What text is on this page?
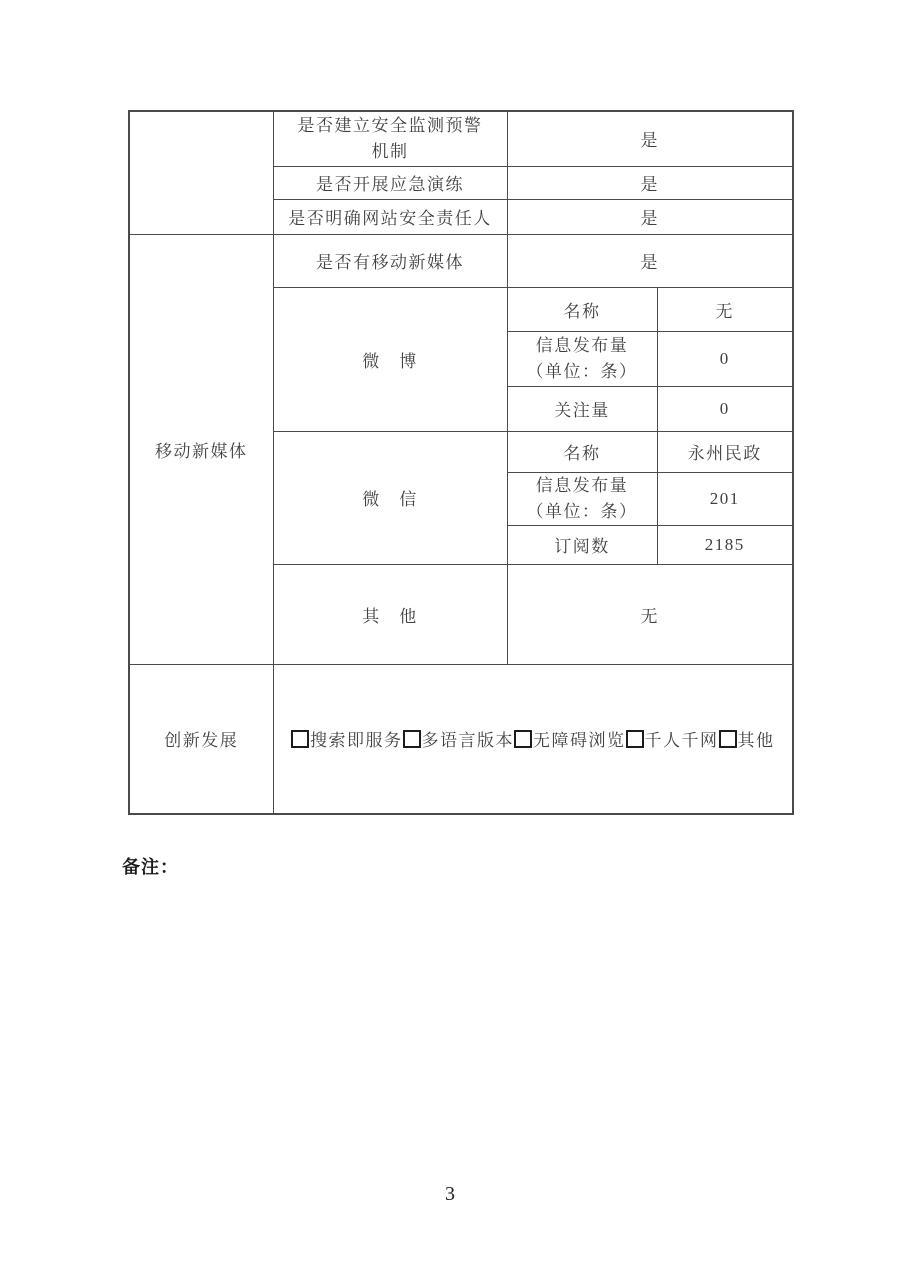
	是否建立安全监测预警
机制	是	
	是否开展应急演练	是	
	是否明确网站安全责任人	是	
移动新媒体	是否有移动新媒体	是	
	微　博	名称	无

		信息发布量
（单位：条）	0
		关注量	0
	微　信	名称	永州民政

		信息发布量
（单位：条）	201
		订阅数	2185
	其　他	无	
创新发展	搜索即服务 多语言版本 无障碍浏览 千人千网 其他		
备注：
3
